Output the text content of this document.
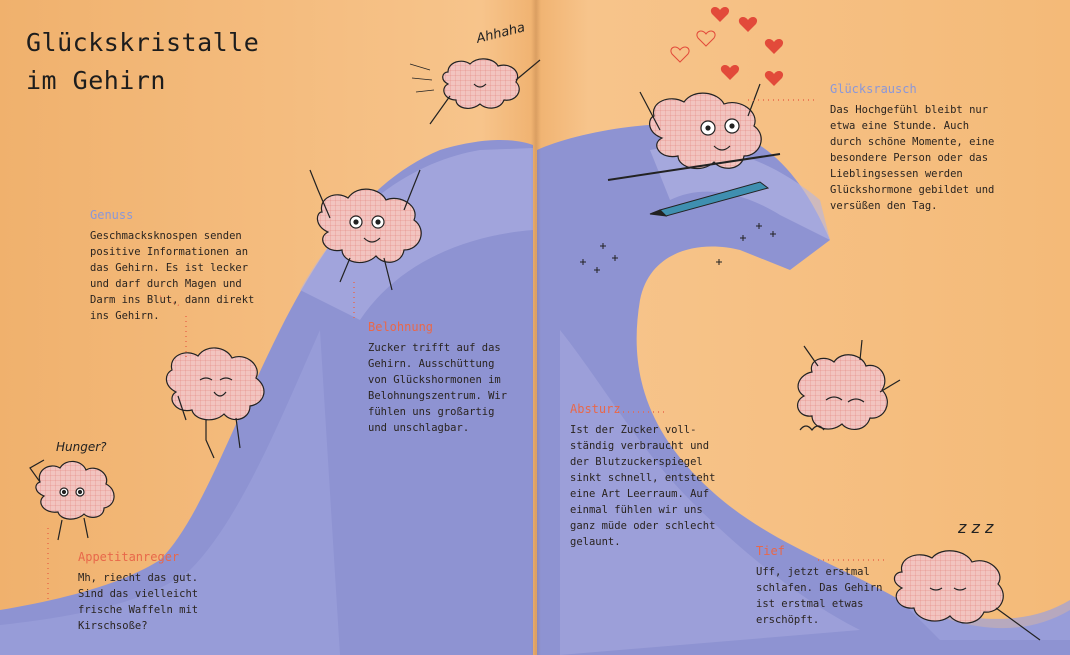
Glückskristalle
im Gehirn
Genuss
Geschmacksknospen senden
positive Informationen an
das Gehirn. Es ist lecker
und darf durch Magen und
Darm ins Blut, dann direkt
ins Gehirn.
Belohnung
Zucker trifft auf das
Gehirn. Ausschüttung
von Glückshormonen im
Belohnungszentrum. Wir
fühlen uns großartig
und unschlagbar.
Appetitanreger
Mh, riecht das gut.
Sind das vielleicht
frische Waffeln mit
Kirschsoße?
Glücksrausch
Das Hochgefühl bleibt nur
etwa eine Stunde. Auch
durch schöne Momente, eine
besondere Person oder das
Lieblingsessen werden
Glückshormone gebildet und
versüßen den Tag.
Absturz
Ist der Zucker voll-
ständig verbraucht und
der Blutzuckerspiegel
sinkt schnell, entsteht
eine Art Leerraum. Auf
einmal fühlen wir uns
ganz müde oder schlecht
gelaunt.
Tief
Uff, jetzt erstmal
schlafen. Das Gehirn
ist erstmal etwas
erschöpft.
Hunger?
Ahhaha
z z z
